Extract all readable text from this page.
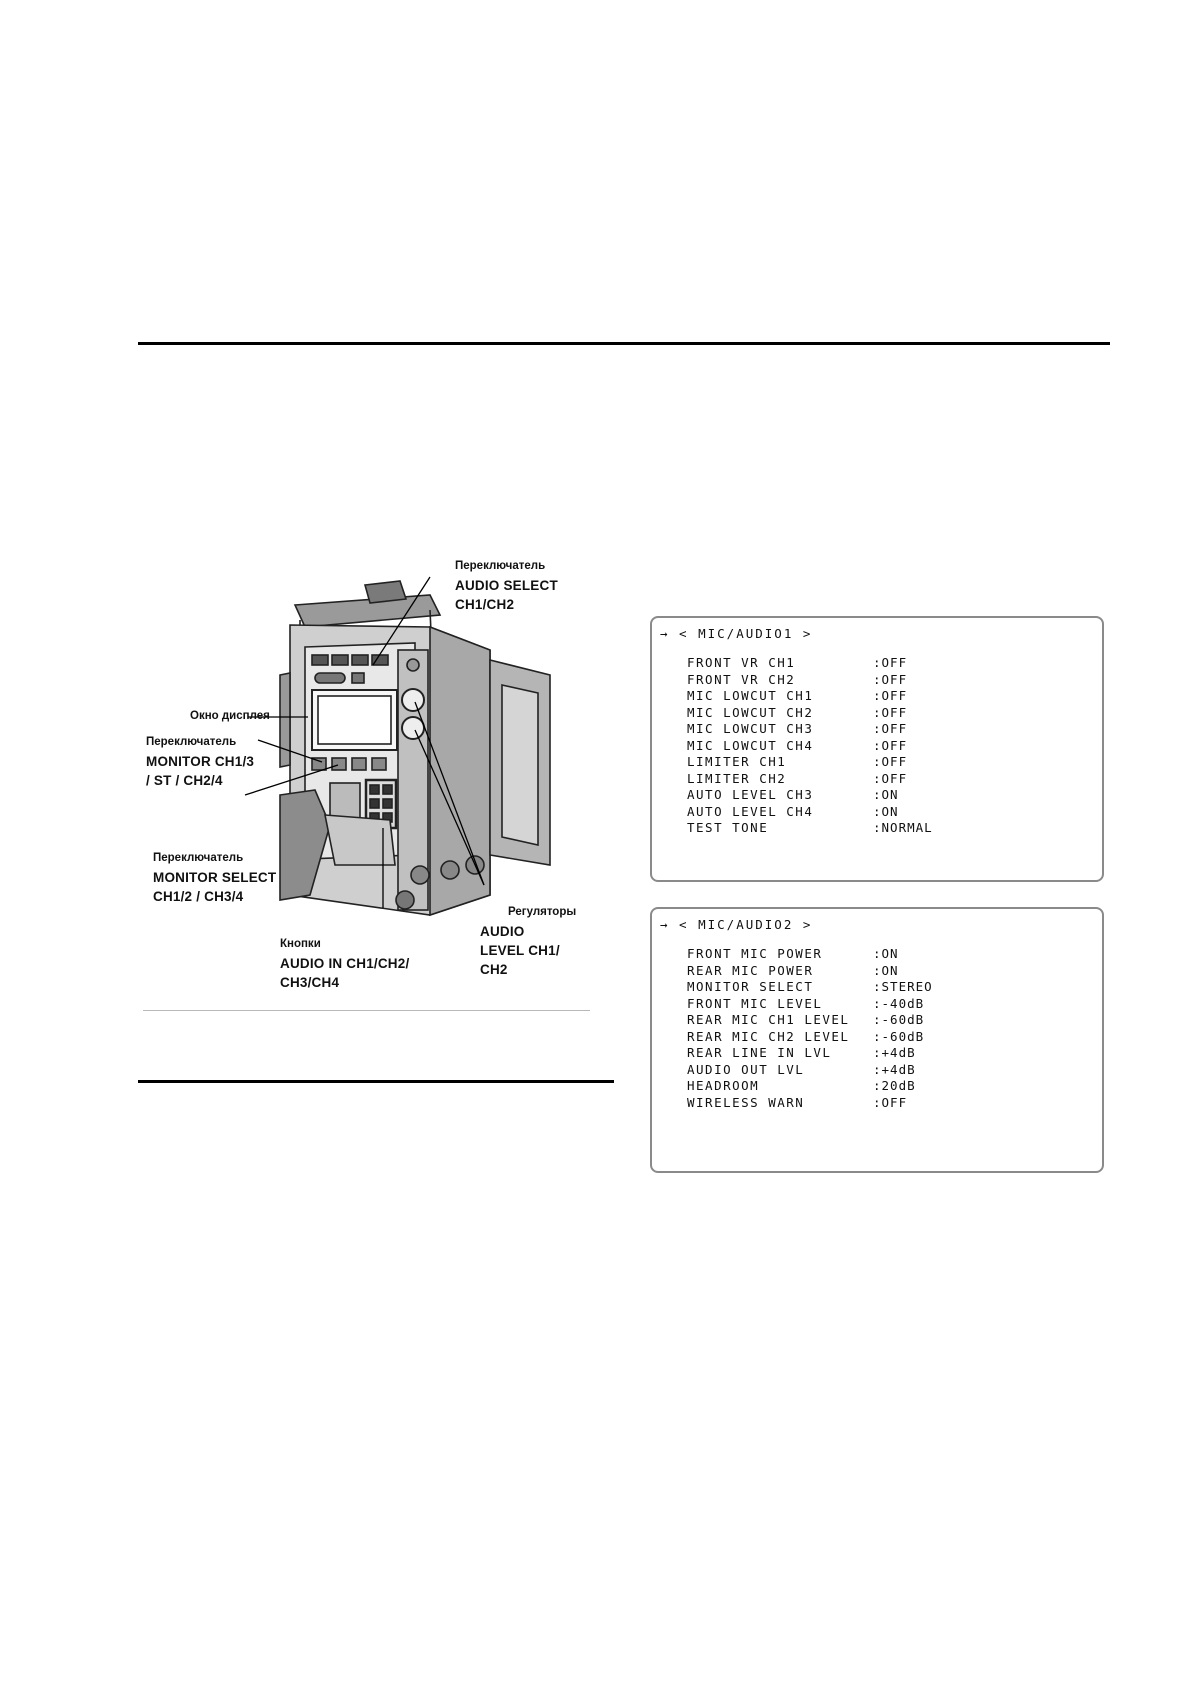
Переключатель
AUDIO SELECT
CH1/CH2
Окно дисплея
Переключатель
MONITOR CH1/3
/ ST / CH2/4
Переключатель
MONITOR SELECT
CH1/2 / CH3/4
Регуляторы
AUDIO
LEVEL CH1/
CH2
Кнопки
AUDIO IN CH1/CH2/
CH3/CH4
→ < MIC/AUDIO1 >
FRONT VR CH1	:OFF
FRONT VR CH2	:OFF
MIC LOWCUT CH1	:OFF
MIC LOWCUT CH2	:OFF
MIC LOWCUT CH3	:OFF
MIC LOWCUT CH4	:OFF
LIMITER CH1	:OFF
LIMITER CH2	:OFF
AUTO LEVEL CH3	:ON
AUTO LEVEL CH4	:ON
TEST TONE	:NORMAL
→ < MIC/AUDIO2 >
FRONT MIC POWER	:ON
REAR MIC POWER	:ON
MONITOR SELECT	:STEREO
FRONT MIC LEVEL	:-40dB
REAR MIC CH1 LEVEL	:-60dB
REAR MIC CH2 LEVEL	:-60dB
REAR LINE IN LVL	:+4dB
AUDIO OUT LVL	:+4dB
HEADROOM	:20dB
WIRELESS WARN	:OFF
